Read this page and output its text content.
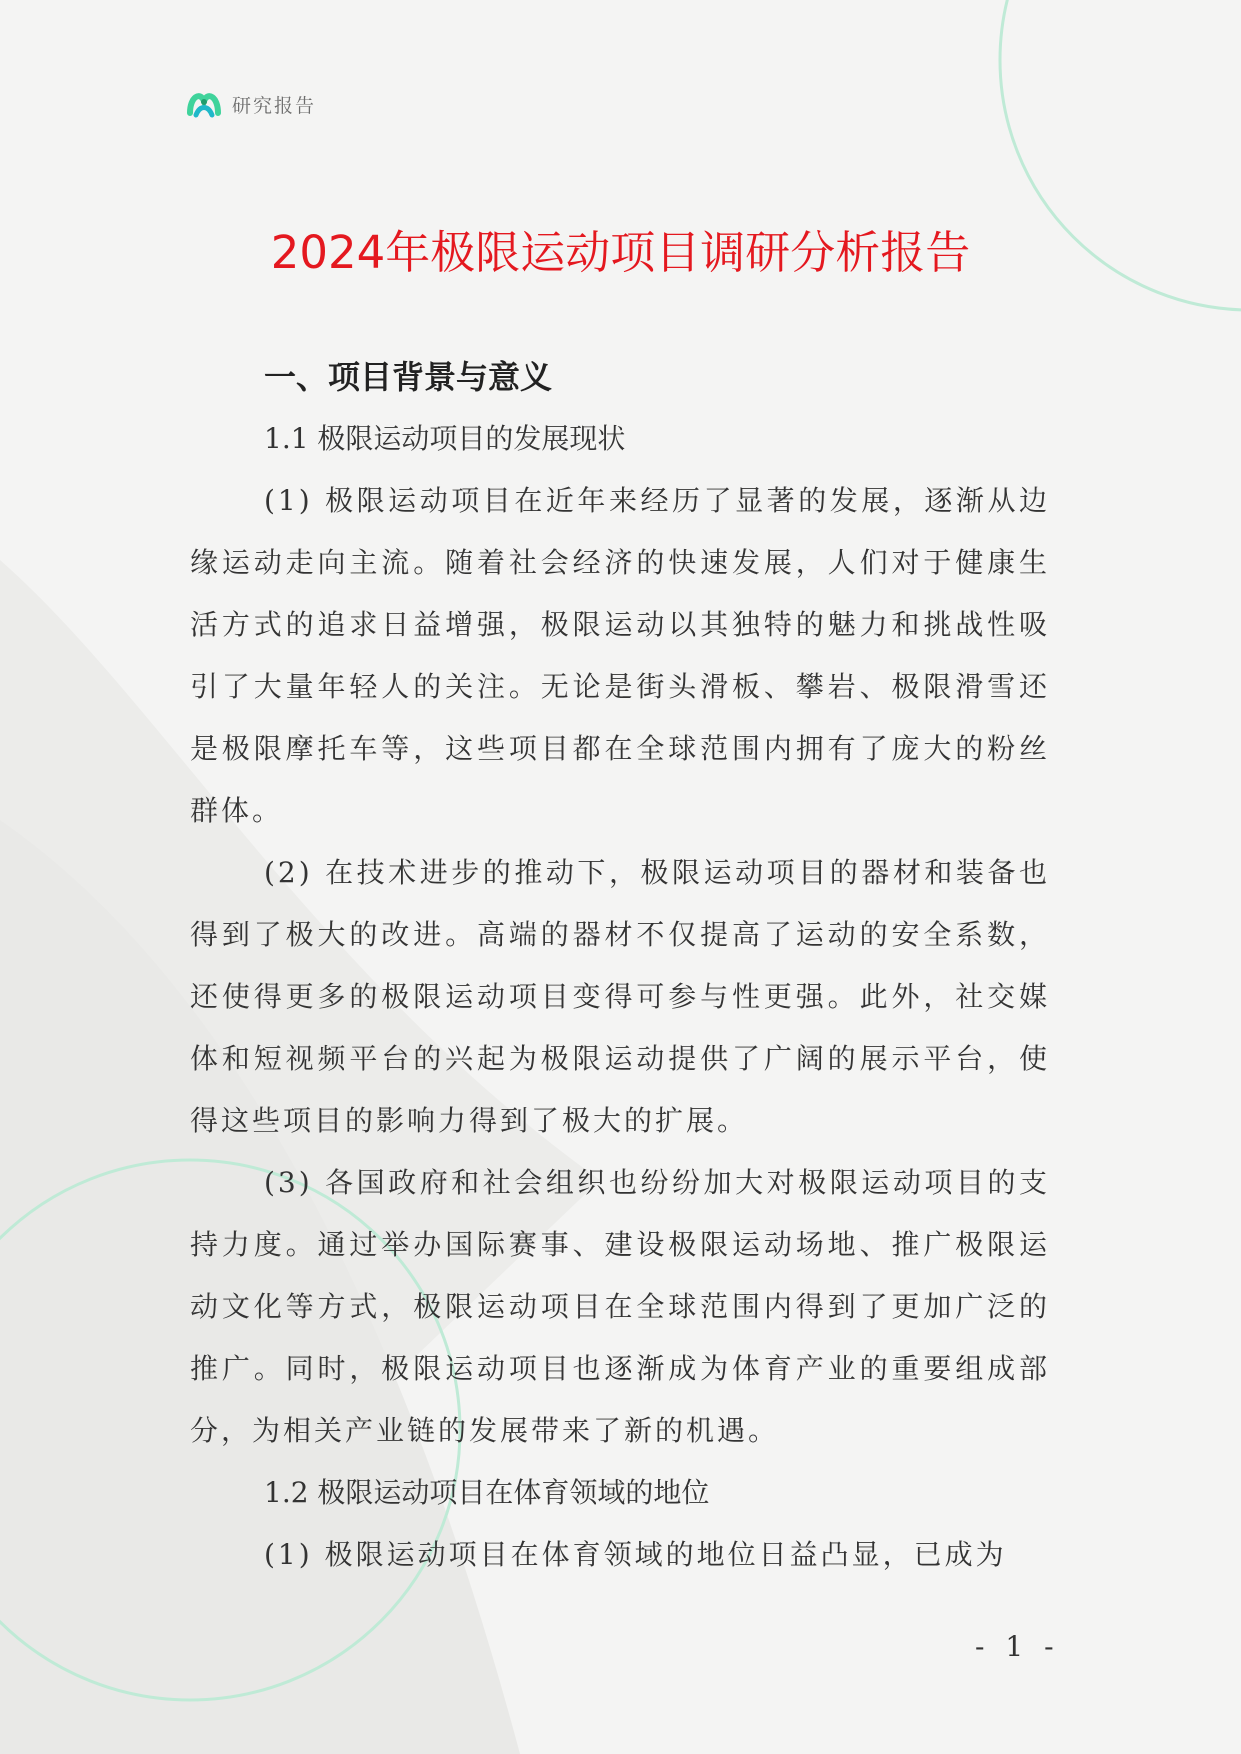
研究报告
2024年极限运动项目调研分析报告
一、项目背景与意义
1.1 极限运动项目的发展现状

(1) 极限运动项目在近年来经历了显著的发展，逐渐从边缘运动走向主流。随着社会经济的快速发展，人们对于健康生活方式的追求日益增强，极限运动以其独特的魅力和挑战性吸引了大量年轻人的关注。无论是街头滑板、攀岩、极限滑雪还是极限摩托车等，这些项目都在全球范围内拥有了庞大的粉丝群体。

(2) 在技术进步的推动下，极限运动项目的器材和装备也得到了极大的改进。高端的器材不仅提高了运动的安全系数，还使得更多的极限运动项目变得可参与性更强。此外，社交媒体和短视频平台的兴起为极限运动提供了广阔的展示平台，使得这些项目的影响力得到了极大的扩展。

(3) 各国政府和社会组织也纷纷加大对极限运动项目的支持力度。通过举办国际赛事、建设极限运动场地、推广极限运动文化等方式，极限运动项目在全球范围内得到了更加广泛的推广。同时，极限运动项目也逐渐成为体育产业的重要组成部分，为相关产业链的发展带来了新的机遇。

1.2 极限运动项目在体育领域的地位

(1) 极限运动项目在体育领域的地位日益凸显，已成为

- 1 -
